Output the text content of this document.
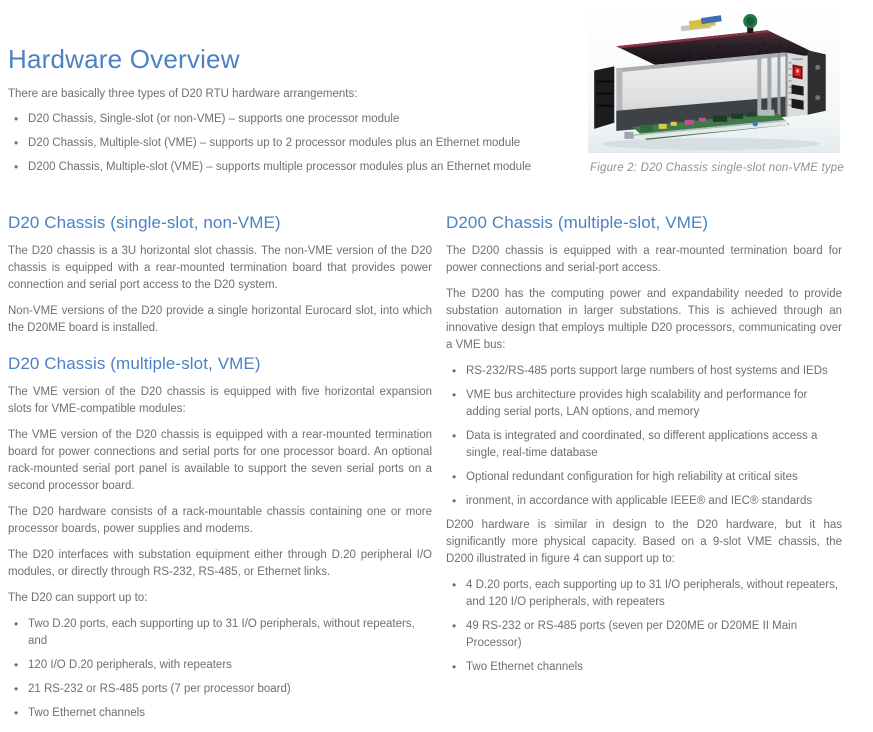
Hardware Overview

There are basically three types of D20 RTU hardware arrangements:

• D20 Chassis, Single-slot (or non-VME) – supports one processor module
• D20 Chassis, Multiple-slot (VME) – supports up to 2 processor modules plus an Ethernet module
• D200 Chassis, Multiple-slot (VME) – supports multiple processor modules plus an Ethernet module	Figure 2: D20 Chassis single-slot non-VME type
D20 Chassis (single-slot, non-VME)

The D20 chassis is a 3U horizontal slot chassis. The non-VME version of the D20 chassis is equipped with a rear-mounted termination board that provides power connection and serial port access to the D20 system.

Non-VME versions of the D20 provide a single horizontal Eurocard slot, into which the D20ME board is installed.

D20 Chassis (multiple-slot, VME)

The VME version of the D20 chassis is equipped with five horizontal expansion slots for VME-compatible modules:

The VME version of the D20 chassis is equipped with a rear-mounted termination board for power connections and serial ports for one processor board. An optional rack-mounted serial port panel is available to support the seven serial ports on a second processor board.

The D20 hardware consists of a rack-mountable chassis containing one or more processor boards, power supplies and modems.

The D20 interfaces with substation equipment either through D.20 peripheral I/O modules, or directly through RS-232, RS-485, or Ethernet links.

The D20 can support up to:

• Two D.20 ports, each supporting up to 31 I/O peripherals, without repeaters, and
• 120 I/O D.20 peripherals, with repeaters
• 21 RS-232 or RS-485 ports (7 per processor board)
• Two Ethernet channels
D200 Chassis (multiple-slot, VME)

The D200 chassis is equipped with a rear-mounted termination board for power connections and serial-port access.

The D200 has the computing power and expandability needed to provide substation automation in larger substations. This is achieved through an innovative design that employs multiple D20 processors, communicating over a VME bus:

• RS-232/RS-485 ports support large numbers of host systems and IEDs
• VME bus architecture provides high scalability and performance for adding serial ports, LAN options, and memory
• Data is integrated and coordinated, so different applications access a single, real-time database
• Optional redundant configuration for high reliability at critical sites
• ironment, in accordance with applicable IEEE® and IEC® standards

D200 hardware is similar in design to the D20 hardware, but it has significantly more physical capacity. Based on a 9-slot VME chassis, the D200 illustrated in figure 4 can support up to:

• 4 D.20 ports, each supporting up to 31 I/O peripherals, without repeaters, and 120 I/O peripherals, with repeaters
• 49 RS-232 or RS-485 ports (seven per D20ME or D20ME II Main Processor)
• Two Ethernet channels
